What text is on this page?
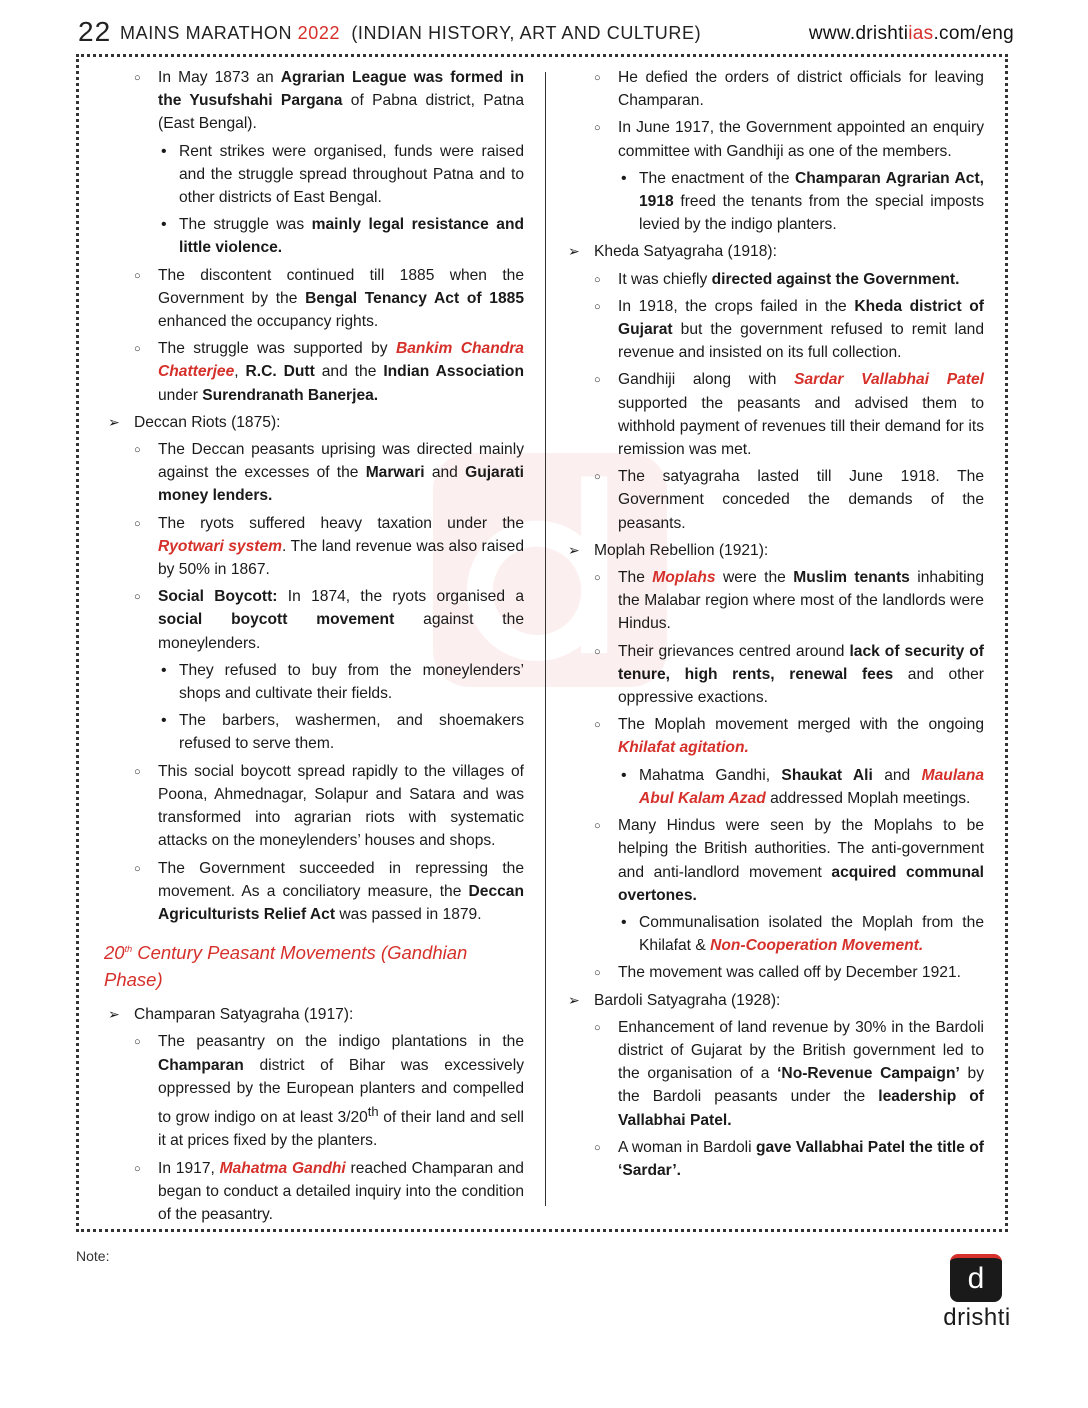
22 MAINS MARATHON 2022  (INDIAN HISTORY, ART AND CULTURE)	www.drishtiias.com/eng
○ In May 1873 an Agrarian League was formed in the Yusufshahi Pargana of Pabna district, Patna (East Bengal).
• Rent strikes were organised, funds were raised and the struggle spread throughout Patna and to other districts of East Bengal.
• The struggle was mainly legal resistance and little violence.
○ The discontent continued till 1885 when the Government by the Bengal Tenancy Act of 1885 enhanced the occupancy rights.
○ The struggle was supported by Bankim Chandra Chatterjee, R.C. Dutt and the Indian Association under Surendranath Banerjea.
➢ Deccan Riots (1875):
○ The Deccan peasants uprising was directed mainly against the excesses of the Marwari and Gujarati money lenders.
○ The ryots suffered heavy taxation under the Ryotwari system. The land revenue was also raised by 50% in 1867.
○ Social Boycott: In 1874, the ryots organised a social boycott movement against the moneylenders.
• They refused to buy from the moneylenders’ shops and cultivate their fields.
• The barbers, washermen, and shoemakers refused to serve them.
○ This social boycott spread rapidly to the villages of Poona, Ahmednagar, Solapur and Satara and was transformed into agrarian riots with systematic attacks on the moneylenders’ houses and shops.
○ The Government succeeded in repressing the movement. As a conciliatory measure, the Deccan Agriculturists Relief Act was passed in 1879.
20th Century Peasant Movements (Gandhian Phase)
➢ Champaran Satyagraha (1917):
○ The peasantry on the indigo plantations in the Champaran district of Bihar was excessively oppressed by the European planters and compelled to grow indigo on at least 3/20th of their land and sell it at prices fixed by the planters.
○ In 1917, Mahatma Gandhi reached Champaran and began to conduct a detailed inquiry into the condition of the peasantry.
○ He defied the orders of district officials for leaving Champaran.
○ In June 1917, the Government appointed an enquiry committee with Gandhiji as one of the members.
• The enactment of the Champaran Agrarian Act, 1918 freed the tenants from the special imposts levied by the indigo planters.
➢ Kheda Satyagraha (1918):
○ It was chiefly directed against the Government.
○ In 1918, the crops failed in the Kheda district of Gujarat but the government refused to remit land revenue and insisted on its full collection.
○ Gandhiji along with Sardar Vallabhai Patel supported the peasants and advised them to withhold payment of revenues till their demand for its remission was met.
○ The satyagraha lasted till June 1918. The Government conceded the demands of the peasants.
➢ Moplah Rebellion (1921):
○ The Moplahs were the Muslim tenants inhabiting the Malabar region where most of the landlords were Hindus.
○ Their grievances centred around lack of security of tenure, high rents, renewal fees and other oppressive exactions.
○ The Moplah movement merged with the ongoing Khilafat agitation.
• Mahatma Gandhi, Shaukat Ali and Maulana Abul Kalam Azad addressed Moplah meetings.
○ Many Hindus were seen by the Moplahs to be helping the British authorities. The anti-government and anti-landlord movement acquired communal overtones.
• Communalisation isolated the Moplah from the Khilafat & Non-Cooperation Movement.
○ The movement was called off by December 1921.
➢ Bardoli Satyagraha (1928):
○ Enhancement of land revenue by 30% in the Bardoli district of Gujarat by the British government led to the organisation of a ‘No-Revenue Campaign’ by the Bardoli peasants under the leadership of Vallabhai Patel.
○ A woman in Bardoli gave Vallabhai Patel the title of ‘Sardar’.
Note:
d
drishti
